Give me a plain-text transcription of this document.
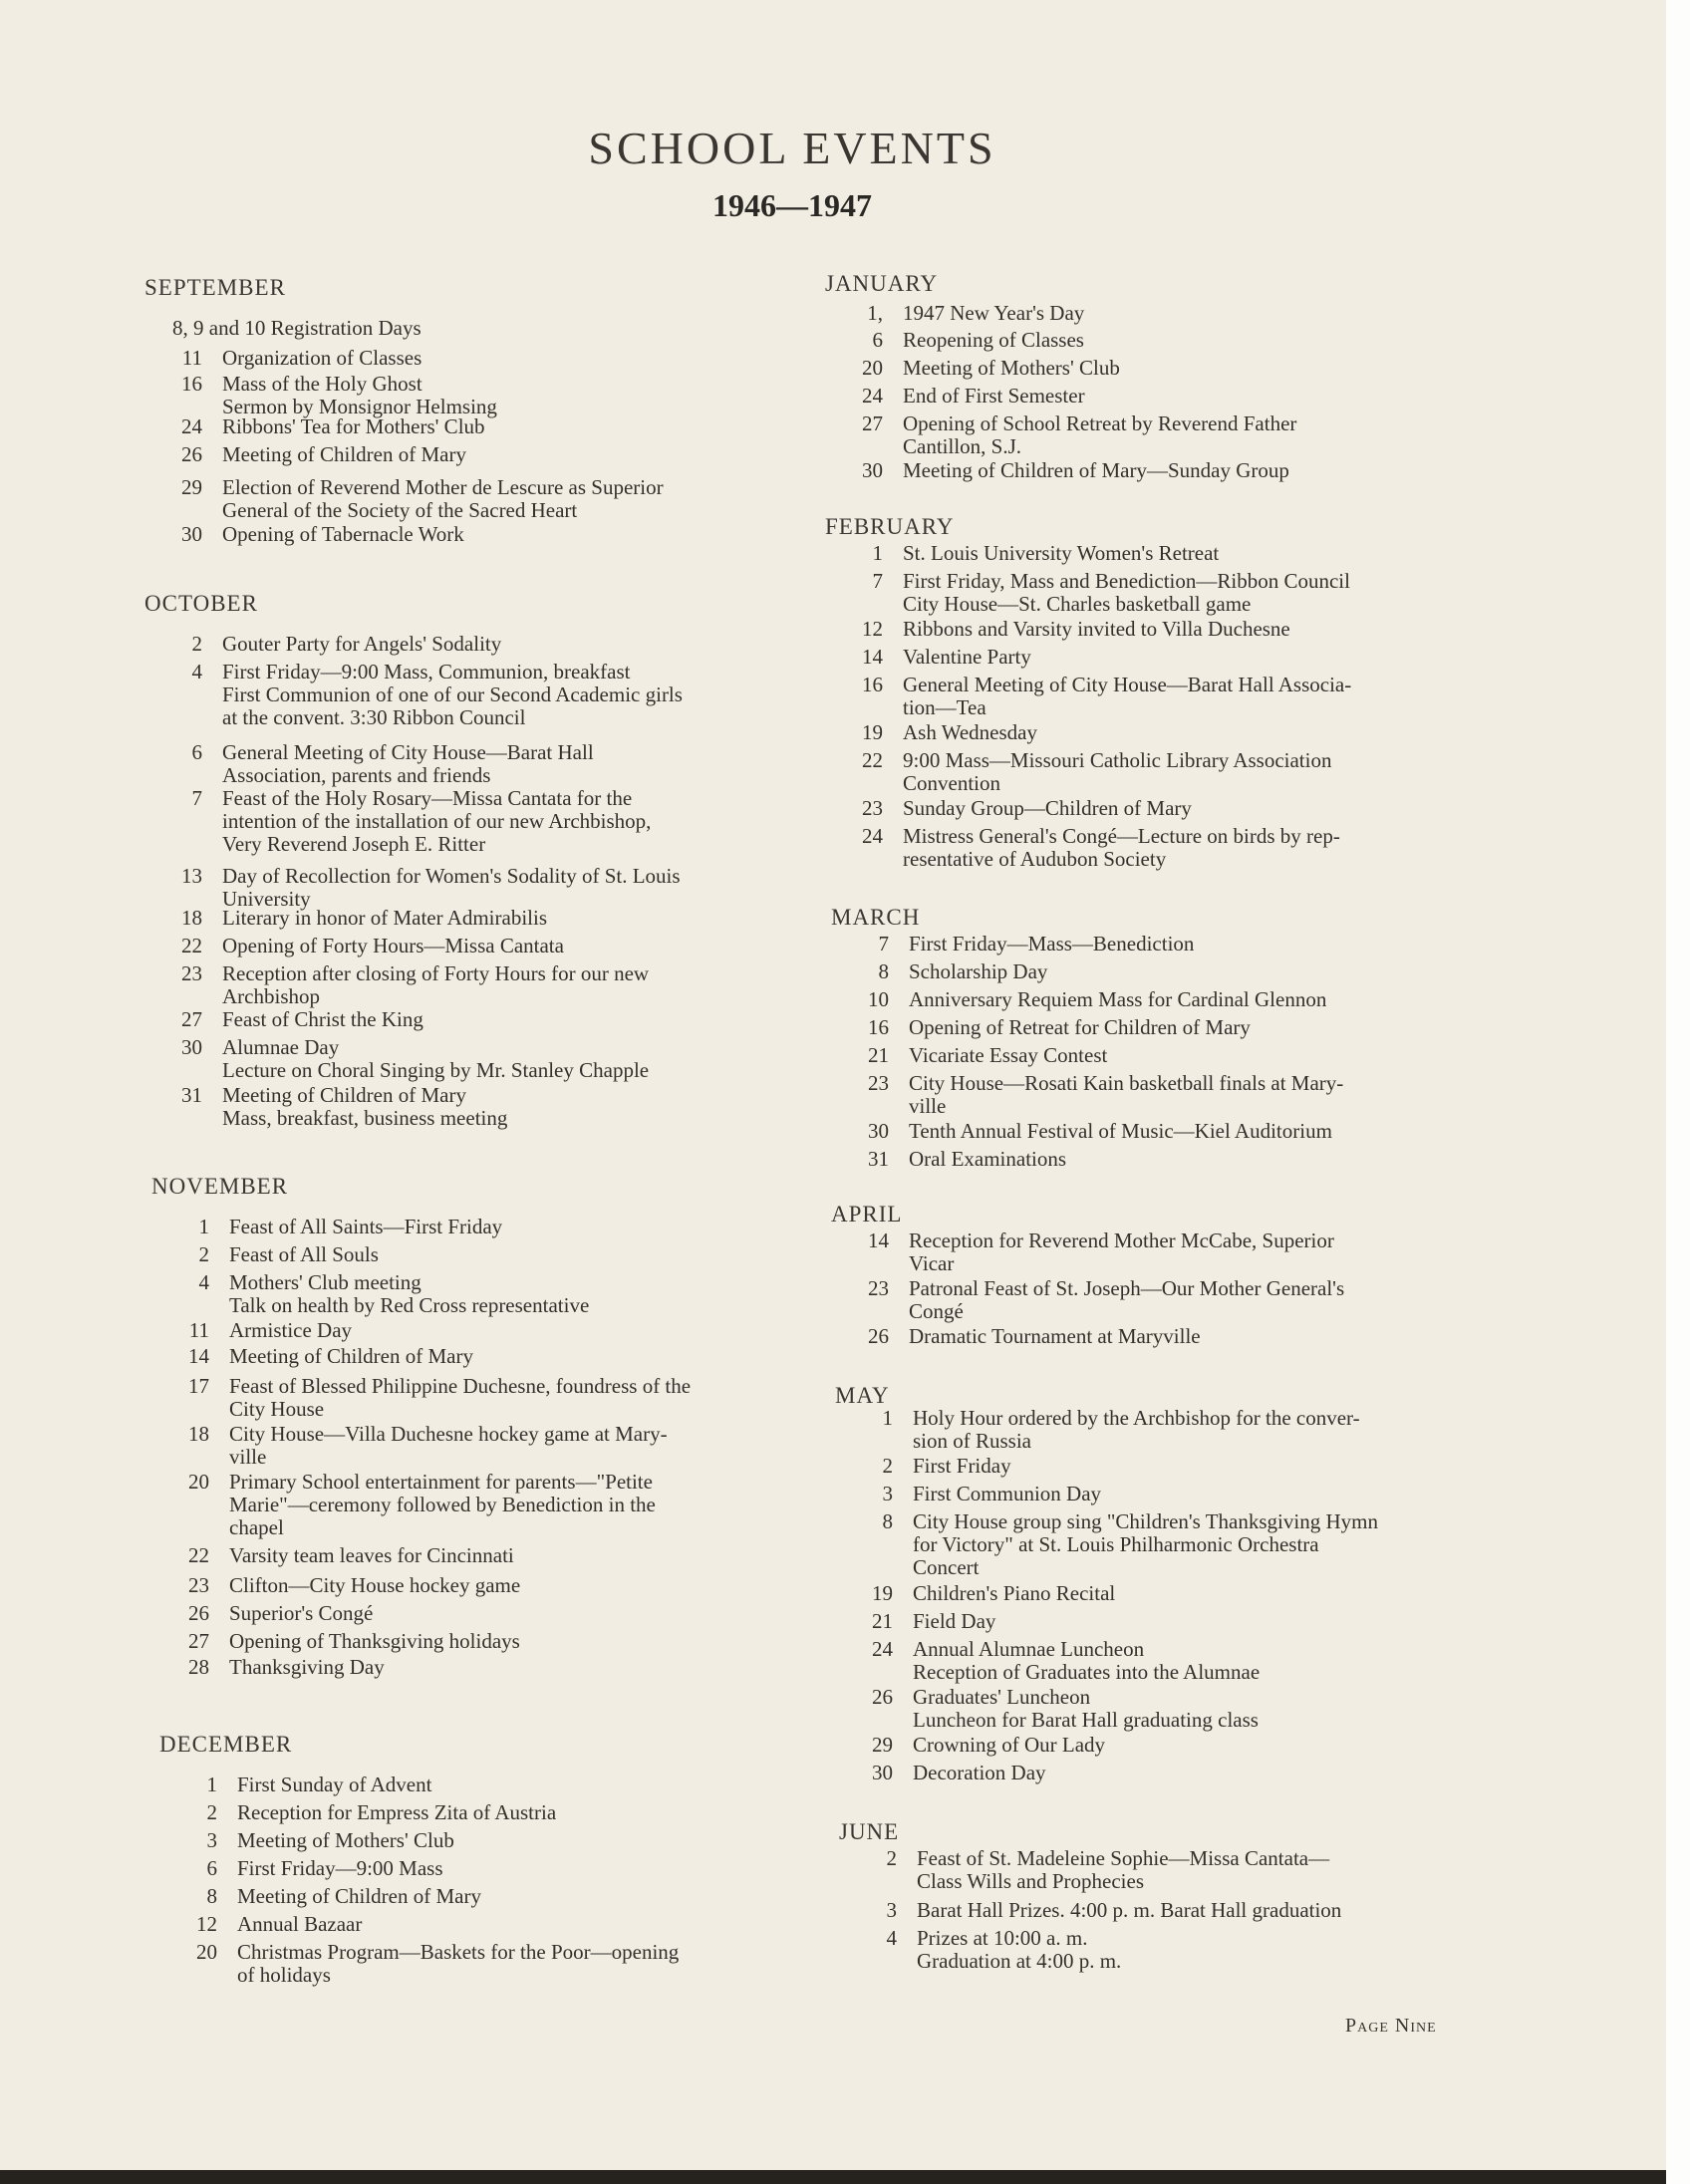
SCHOOL EVENTS
1946—1947
SEPTEMBER
8, 9 and 10 Registration Days
11 Organization of Classes
16 Mass of the Holy Ghost
Sermon by Monsignor Helmsing
24 Ribbons' Tea for Mothers' Club
26 Meeting of Children of Mary
29 Election of Reverend Mother de Lescure as Superior
General of the Society of the Sacred Heart
30 Opening of Tabernacle Work
OCTOBER
2 Gouter Party for Angels' Sodality
4 First Friday—9:00 Mass, Communion, breakfast
First Communion of one of our Second Academic girls
at the convent. 3:30 Ribbon Council
6 General Meeting of City House—Barat Hall
Association, parents and friends
7 Feast of the Holy Rosary—Missa Cantata for the
intention of the installation of our new Archbishop,
Very Reverend Joseph E. Ritter
13 Day of Recollection for Women's Sodality of St. Louis
University
18 Literary in honor of Mater Admirabilis
22 Opening of Forty Hours—Missa Cantata
23 Reception after closing of Forty Hours for our new
Archbishop
27 Feast of Christ the King
30 Alumnae Day
Lecture on Choral Singing by Mr. Stanley Chapple
31 Meeting of Children of Mary
Mass, breakfast, business meeting
NOVEMBER
1 Feast of All Saints—First Friday
2 Feast of All Souls
4 Mothers' Club meeting
Talk on health by Red Cross representative
11 Armistice Day
14 Meeting of Children of Mary
17 Feast of Blessed Philippine Duchesne, foundress of the
City House
18 City House—Villa Duchesne hockey game at Mary-
ville
20 Primary School entertainment for parents—"Petite
Marie"—ceremony followed by Benediction in the
chapel
22 Varsity team leaves for Cincinnati
23 Clifton—City House hockey game
26 Superior's Congé
27 Opening of Thanksgiving holidays
28 Thanksgiving Day
DECEMBER
1 First Sunday of Advent
2 Reception for Empress Zita of Austria
3 Meeting of Mothers' Club
6 First Friday—9:00 Mass
8 Meeting of Children of Mary
12 Annual Bazaar
20 Christmas Program—Baskets for the Poor—opening
of holidays
JANUARY
1, 1947 New Year's Day
6 Reopening of Classes
20 Meeting of Mothers' Club
24 End of First Semester
27 Opening of School Retreat by Reverend Father
Cantillon, S.J.
30 Meeting of Children of Mary—Sunday Group
FEBRUARY
1 St. Louis University Women's Retreat
7 First Friday, Mass and Benediction—Ribbon Council
City House—St. Charles basketball game
12 Ribbons and Varsity invited to Villa Duchesne
14 Valentine Party
16 General Meeting of City House—Barat Hall Associa-
tion—Tea
19 Ash Wednesday
22 9:00 Mass—Missouri Catholic Library Association
Convention
23 Sunday Group—Children of Mary
24 Mistress General's Congé—Lecture on birds by rep-
resentative of Audubon Society
MARCH
7 First Friday—Mass—Benediction
8 Scholarship Day
10 Anniversary Requiem Mass for Cardinal Glennon
16 Opening of Retreat for Children of Mary
21 Vicariate Essay Contest
23 City House—Rosati Kain basketball finals at Mary-
ville
30 Tenth Annual Festival of Music—Kiel Auditorium
31 Oral Examinations
APRIL
14 Reception for Reverend Mother McCabe, Superior
Vicar
23 Patronal Feast of St. Joseph—Our Mother General's
Congé
26 Dramatic Tournament at Maryville
MAY
1 Holy Hour ordered by the Archbishop for the conver-
sion of Russia
2 First Friday
3 First Communion Day
8 City House group sing "Children's Thanksgiving Hymn
for Victory" at St. Louis Philharmonic Orchestra
Concert
19 Children's Piano Recital
21 Field Day
24 Annual Alumnae Luncheon
Reception of Graduates into the Alumnae
26 Graduates' Luncheon
Luncheon for Barat Hall graduating class
29 Crowning of Our Lady
30 Decoration Day
JUNE
2 Feast of St. Madeleine Sophie—Missa Cantata—
Class Wills and Prophecies
3 Barat Hall Prizes. 4:00 p. m. Barat Hall graduation
4 Prizes at 10:00 a. m.
Graduation at 4:00 p. m.
Page Nine
